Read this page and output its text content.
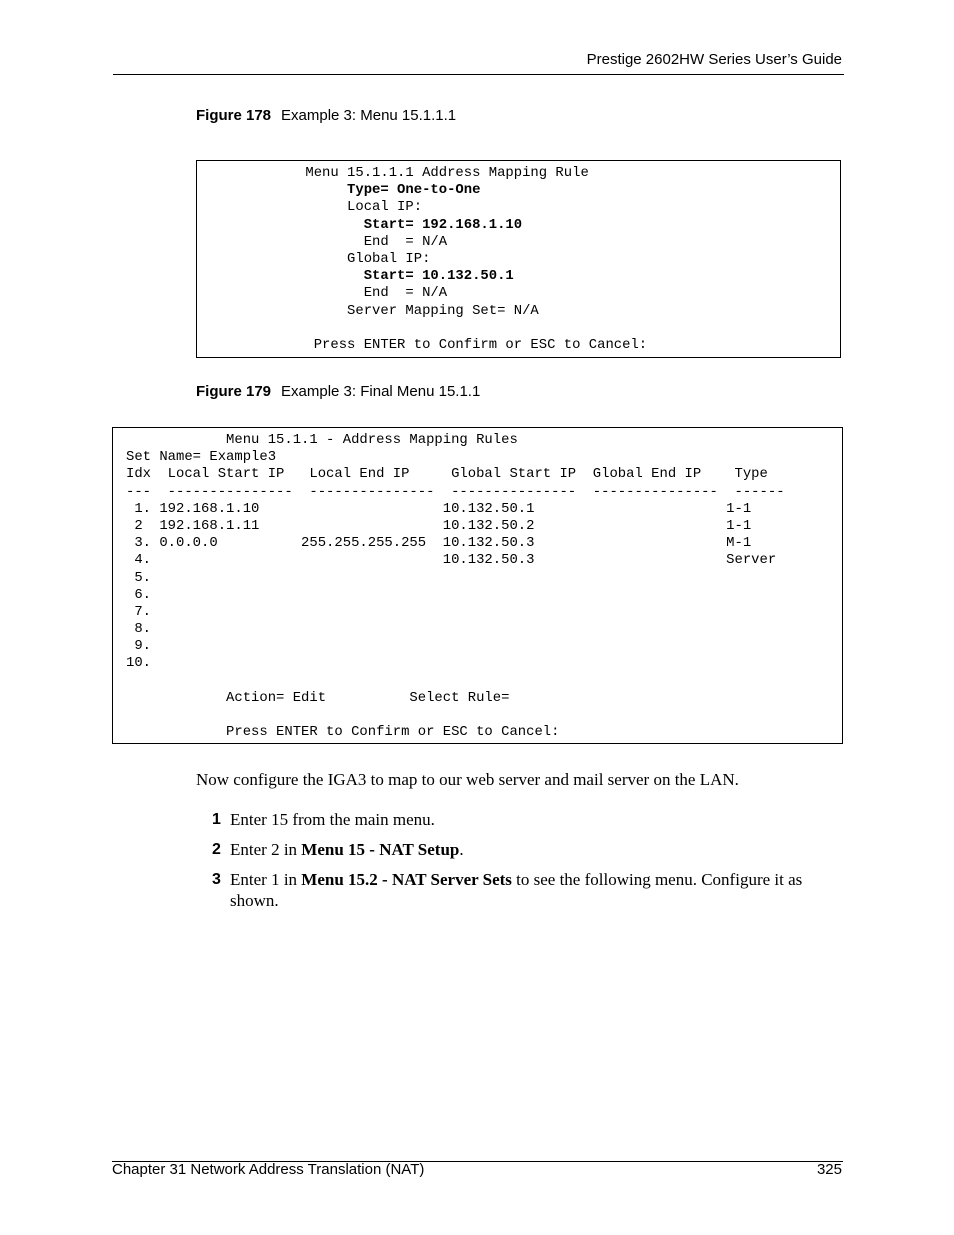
Prestige 2602HW Series User’s Guide
Figure 178 Example 3: Menu 15.1.1.1
Menu 15.1.1.1 Address Mapping Rule
Type= One-to-One
Local IP:
Start= 192.168.1.10
End  = N/A
Global IP:
Start= 10.132.50.1
End  = N/A
Server Mapping Set= N/A
Press ENTER to Confirm or ESC to Cancel:
Figure 179 Example 3: Final Menu 15.1.1
Menu 15.1.1 - Address Mapping Rules
Set Name= Example3
Idx  Local Start IP   Local End IP     Global Start IP  Global End IP    Type
---  ---------------  ---------------  ---------------  ---------------  ------
1. 192.168.1.10                      10.132.50.1                       1-1
2  192.168.1.11                      10.132.50.2                       1-1
3. 0.0.0.0          255.255.255.255  10.132.50.3                       M-1
4.                                   10.132.50.3                       Server
5.
6.
7.
8.
9.
10.
Action= Edit          Select Rule=
Press ENTER to Confirm or ESC to Cancel:
Now configure the IGA3 to map to our web server and mail server on the LAN.
1 Enter 15 from the main menu.
2 Enter 2 in Menu 15 - NAT Setup.
3 Enter 1 in Menu 15.2 - NAT Server Sets to see the following menu. Configure it as shown.
Chapter 31 Network Address Translation (NAT)	325
